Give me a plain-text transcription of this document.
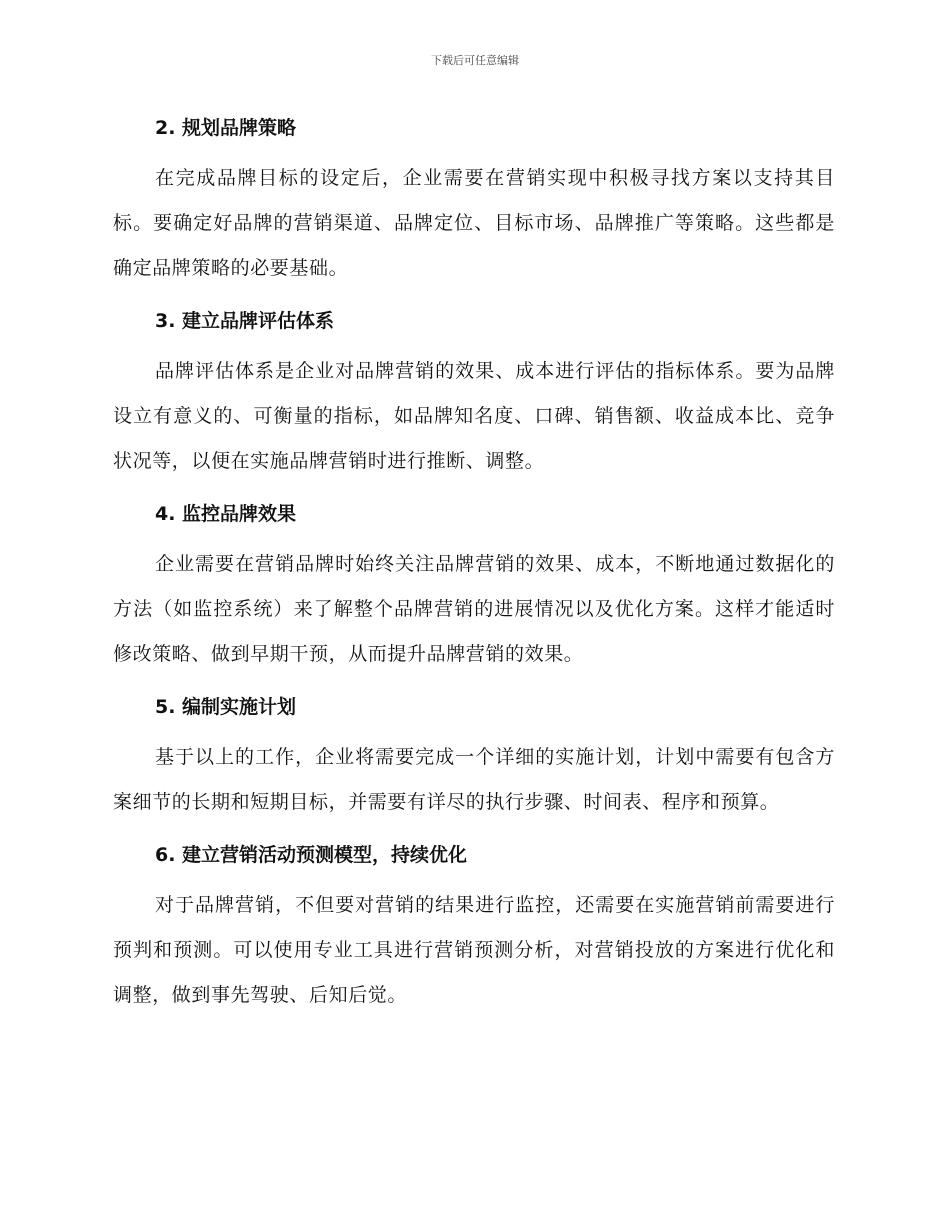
下载后可任意编辑
2. 规划品牌策略

在完成品牌目标的设定后，企业需要在营销实现中积极寻找方案以支持其目标。要确定好品牌的营销渠道、品牌定位、目标市场、品牌推广等策略。这些都是确定品牌策略的必要基础。

3. 建立品牌评估体系

品牌评估体系是企业对品牌营销的效果、成本进行评估的指标体系。要为品牌设立有意义的、可衡量的指标，如品牌知名度、口碑、销售额、收益成本比、竞争状况等，以便在实施品牌营销时进行推断、调整。

4. 监控品牌效果

企业需要在营销品牌时始终关注品牌营销的效果、成本，不断地通过数据化的方法（如监控系统）来了解整个品牌营销的进展情况以及优化方案。这样才能适时修改策略、做到早期干预，从而提升品牌营销的效果。

5. 编制实施计划

基于以上的工作，企业将需要完成一个详细的实施计划，计划中需要有包含方案细节的长期和短期目标，并需要有详尽的执行步骤、时间表、程序和预算。

6. 建立营销活动预测模型，持续优化

对于品牌营销，不但要对营销的结果进行监控，还需要在实施营销前需要进行预判和预测。可以使用专业工具进行营销预测分析，对营销投放的方案进行优化和调整，做到事先驾驶、后知后觉。
